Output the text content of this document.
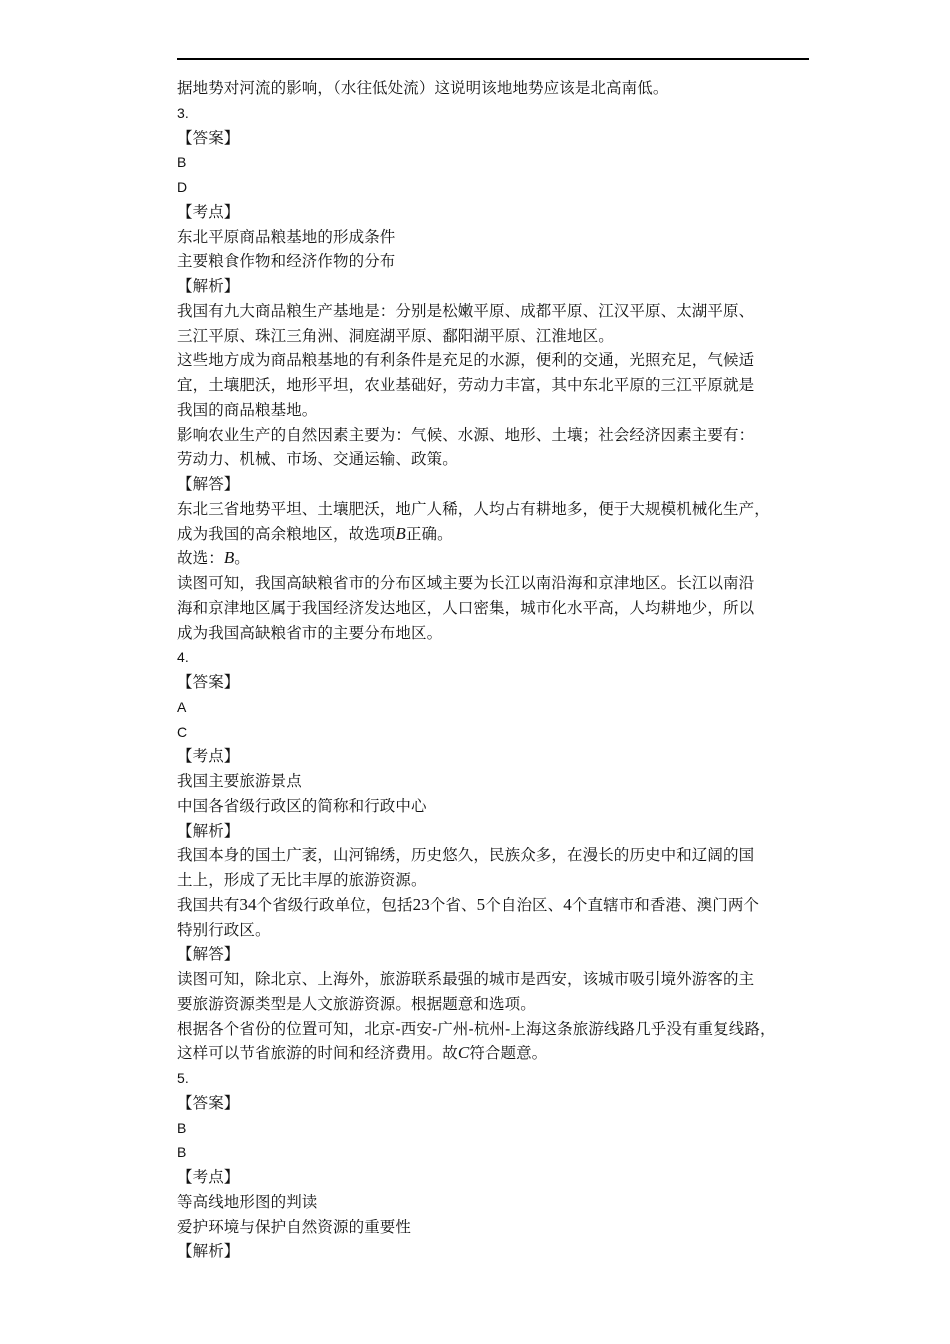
据地势对河流的影响，（水往低处流）这说明该地地势应该是北高南低。
3.
【答案】
B
D
【考点】
东北平原商品粮基地的形成条件
主要粮食作物和经济作物的分布
【解析】
我国有九大商品粮生产基地是：分别是松嫩平原、成都平原、江汉平原、太湖平原、
三江平原、珠江三角洲、洞庭湖平原、鄱阳湖平原、江淮地区。
这些地方成为商品粮基地的有利条件是充足的水源，便利的交通，光照充足，气候适
宜，土壤肥沃，地形平坦，农业基础好，劳动力丰富，其中东北平原的三江平原就是
我国的商品粮基地。
影响农业生产的自然因素主要为：气候、水源、地形、土壤；社会经济因素主要有：
劳动力、机械、市场、交通运输、政策。
【解答】
东北三省地势平坦、土壤肥沃，地广人稀，人均占有耕地多，便于大规模机械化生产，
成为我国的高余粮地区，故选项B正确。
故选：B。
读图可知，我国高缺粮省市的分布区域主要为长江以南沿海和京津地区。长江以南沿
海和京津地区属于我国经济发达地区，人口密集，城市化水平高，人均耕地少，所以
成为我国高缺粮省市的主要分布地区。
4.
【答案】
A
C
【考点】
我国主要旅游景点
中国各省级行政区的简称和行政中心
【解析】
我国本身的国土广袤，山河锦绣，历史悠久，民族众多，在漫长的历史中和辽阔的国
土上，形成了无比丰厚的旅游资源。
我国共有34个省级行政单位，包括23个省、5个自治区、4个直辖市和香港、澳门两个
特别行政区。
【解答】
读图可知，除北京、上海外，旅游联系最强的城市是西安，该城市吸引境外游客的主
要旅游资源类型是人文旅游资源。根据题意和选项。
根据各个省份的位置可知，北京-西安-广州-杭州-上海这条旅游线路几乎没有重复线路，
这样可以节省旅游的时间和经济费用。故C符合题意。
5.
【答案】
B
B
【考点】
等高线地形图的判读
爱护环境与保护自然资源的重要性
【解析】
